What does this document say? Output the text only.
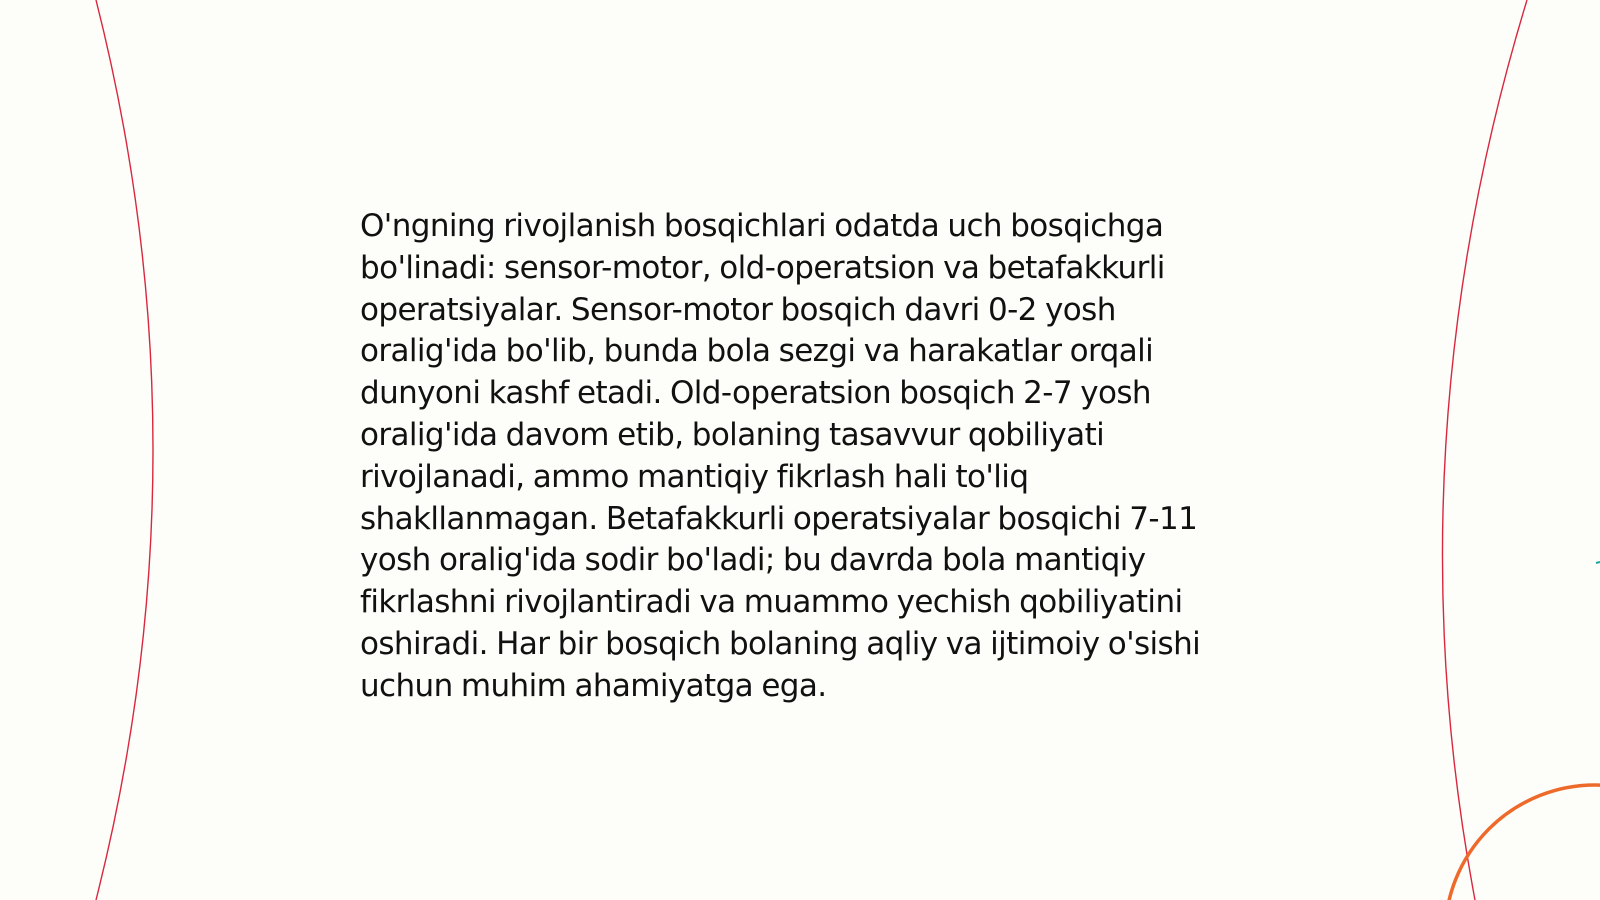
O'ngning rivojlanish bosqichlari odatda uch bosqichga bo'linadi: sensor-motor, old-operatsion va betafakkurli operatsiyalar. Sensor-motor bosqich davri 0-2 yosh oralig'ida bo'lib, bunda bola sezgi va harakatlar orqali dunyoni kashf etadi. Old-operatsion bosqich 2-7 yosh oralig'ida davom etib, bolaning tasavvur qobiliyati rivojlanadi, ammo mantiqiy fikrlash hali to'liq shakllanmagan. Betafakkurli operatsiyalar bosqichi 7-11 yosh oralig'ida sodir bo'ladi; bu davrda bola mantiqiy fikrlashni rivojlantiradi va muammo yechish qobiliyatini oshiradi. Har bir bosqich bolaning aqliy va ijtimoiy o'sishi uchun muhim ahamiyatga ega.
